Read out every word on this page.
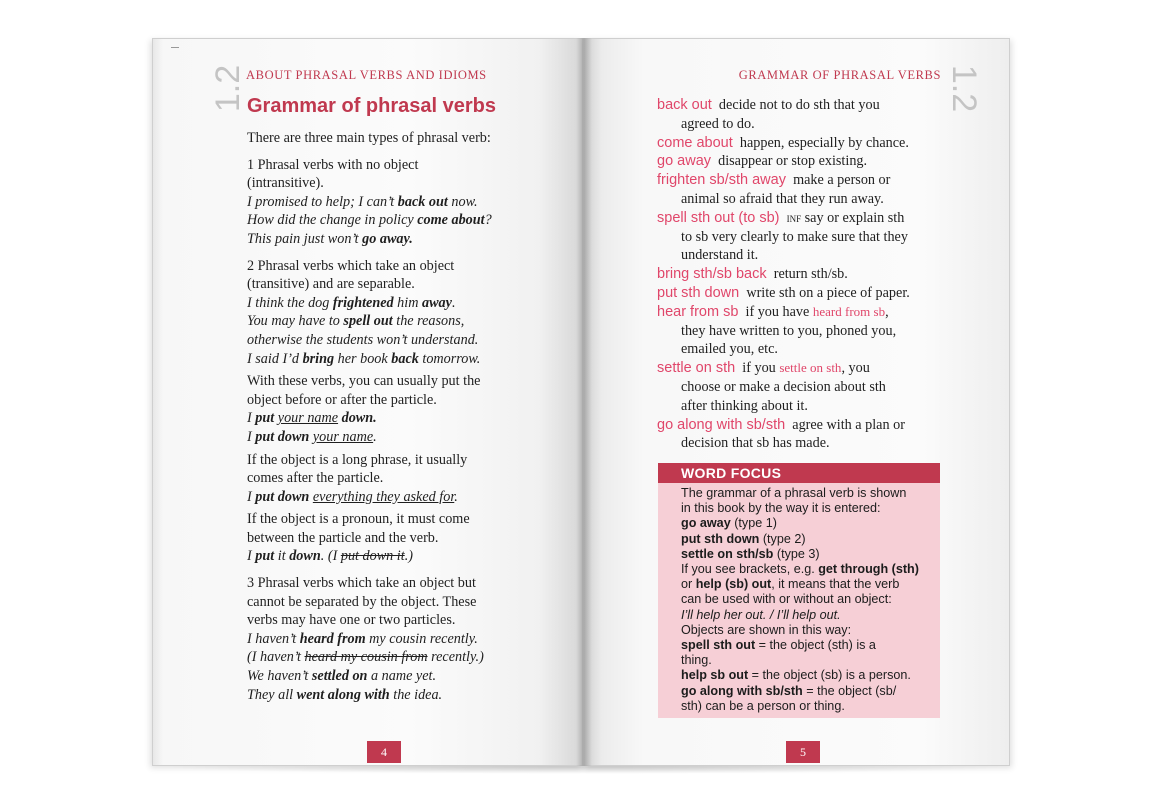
1.2
ABOUT PHRASAL VERBS AND IDIOMS
Grammar of phrasal verbs

There are three main types of phrasal verb:

1 Phrasal verbs with no object
(intransitive).

I promised to help; I can’t back out now.

How did the change in policy come about?

This pain just won’t go away.

2 Phrasal verbs which take an object
(transitive) and are separable.

I think the dog frightened him away.

You may have to spell out the reasons,

otherwise the students won’t understand.

I said I’d bring her book back tomorrow.

With these verbs, you can usually put the
object before or after the particle.

I put your name down.

I put down your name.

If the object is a long phrase, it usually
comes after the particle.

I put down everything they asked for.

If the object is a pronoun, it must come
between the particle and the verb.

I put it down. (I put down it.)

3 Phrasal verbs which take an object but
cannot be separated by the object. These
verbs may have one or two particles.

I haven’t heard from my cousin recently.

(I haven’t heard my cousin from recently.)

We haven’t settled on a name yet.

They all went along with the idea.

4
GRAMMAR OF PHRASAL VERBS 1.2
5

back out decide not to do sth that you
agreed to do.

come about happen, especially by chance.

go away disappear or stop existing.

frighten sb/sth away make a person or
animal so afraid that they run away.

spell sth out (to sb) inf say or explain sth
to sb very clearly to make sure that they
understand it.

bring sth/sb back return sth/sb.

put sth down write sth on a piece of paper.

hear from sb if you have heard from sb,
they have written to you, phoned you,
emailed you, etc.

settle on sth if you settle on sth, you
choose or make a decision about sth
after thinking about it.

go along with sb/sth agree with a plan or
decision that sb has made.

WORD FOCUS

The grammar of a phrasal verb is shown

in this book by the way it is entered:

go away (type 1)

put sth down (type 2)

settle on sth/sb (type 3)

If you see brackets, e.g. get through (sth)

or help (sb) out, it means that the verb

can be used with or without an object:

I’ll help her out. / I’ll help out.

Objects are shown in this way:

spell sth out = the object (sth) is a

thing.

help sb out = the object (sb) is a person.

go along with sb/sth = the object (sb/

sth) can be a person or thing.
